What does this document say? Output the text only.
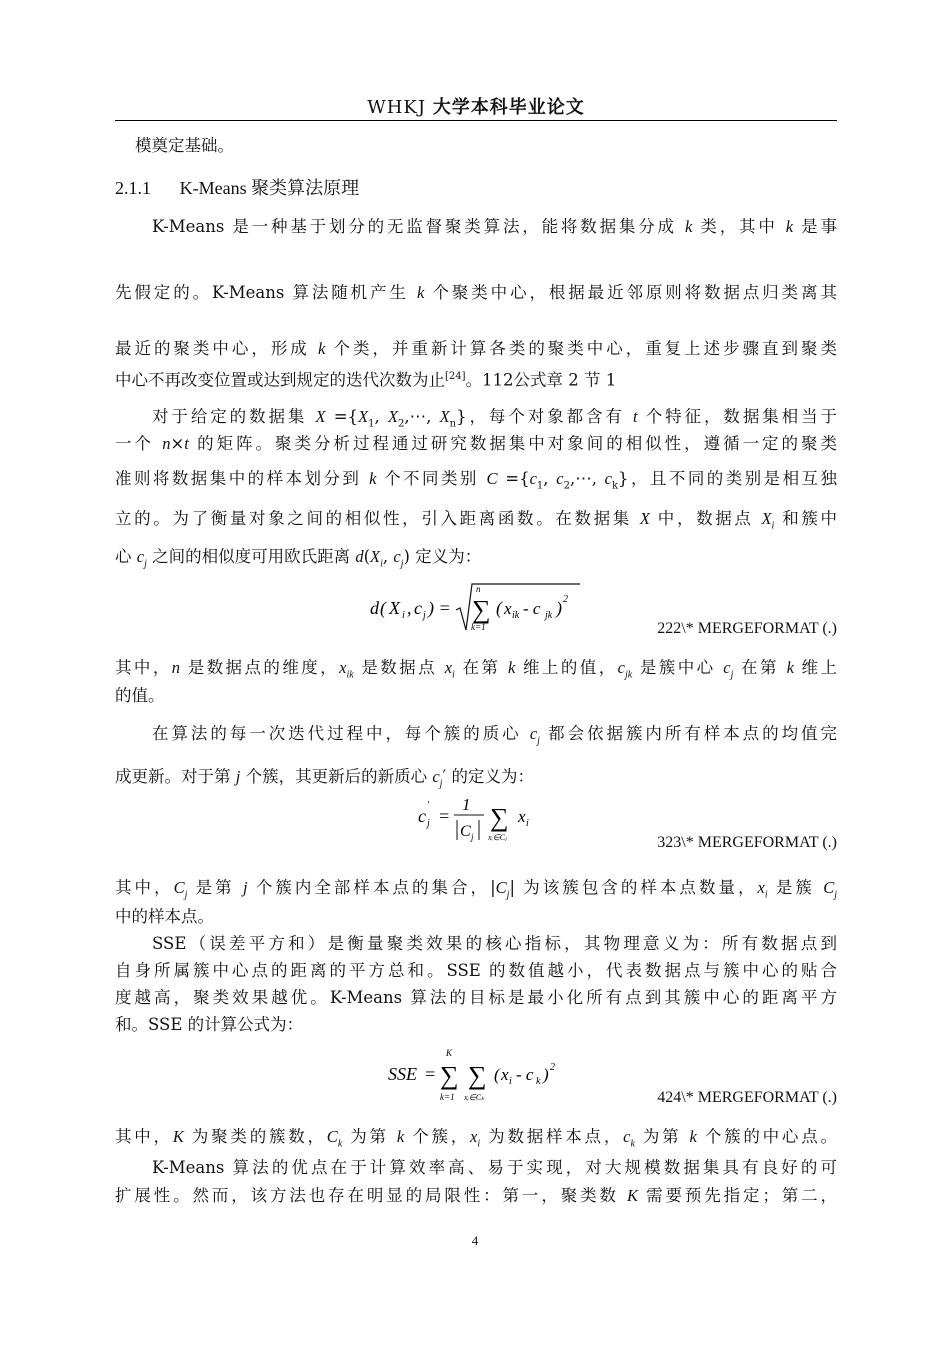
WHKJ 大学本科毕业论文
模奠定基础。
2.1.1 K-Means 聚类算法原理
K-Means 是一种基于划分的无监督聚类算法，能将数据集分成 k 类，其中 k 是事
先假定的。K-Means 算法随机产生 k 个聚类中心，根据最近邻原则将数据点归类离其
最近的聚类中心，形成 k 个类，并重新计算各类的聚类中心，重复上述步骤直到聚类
中心不再改变位置或达到规定的迭代次数为止[24]。112公式章 2 节 1
对于给定的数据集 $X =\{X_1$, $X_2,\cdots$, $X_n$}，每个对象都含有 t 个特征，数据集相当于
一个 n×t 的矩阵。聚类分析过程通过研究数据集中对象间的相似性，遵循一定的聚类
准则将数据集中的样本划分到 k 个不同类别 $C =\{c_1$, $c_2,\cdots$, $c_k$}，且不同的类别是相互独
立的。为了衡量对象之间的相似性，引入距离函数。在数据集 X 中，数据点 $X_i$ 和簇中
心 $c_j$ 之间的相似度可用欧氏距离 $d(X_i$, $c_j$) 定义为：
d ( X i , c j ) =
n
∑
k=1
( x ik - c jk ) 2
222\* MERGEFORMAT (.)
其中，n 是数据点的维度，$x_{ik}$ 是数据点 $x_i$ 在第 k 维上的值，$c_{jk}$ 是簇中心 $c_j$ 在第 k 维上
的值。
在算法的每一次迭代过程中，每个簇的质心 $c_j$ 都会依据簇内所有样本点的均值完
成更新。对于第 j 个簇，其更新后的新质心 $c_j'$ 的定义为：
c j
'
=
1
C j
∑
xᵢ∈Cⱼ
x i
323\* MERGEFORMAT (.)
其中，$C_j$ 是第 j 个簇内全部样本点的集合，$|C_j|$ 为该簇包含的样本点数量，$x_i$ 是簇 $C_j$
中的样本点。
SSE（误差平方和）是衡量聚类效果的核心指标，其物理意义为：所有数据点到
自身所属簇中心点的距离的平方总和。SSE 的数值越小，代表数据点与簇中心的贴合
度越高，聚类效果越优。K-Means 算法的目标是最小化所有点到其簇中心的距离平方
和。SSE 的计算公式为：
SSE =
K
∑
k=1
∑
xᵢ∈Cₖ
( x i - c k ) 2
424\* MERGEFORMAT (.)
其中，K 为聚类的簇数，$C_k$ 为第 k 个簇，$x_i$ 为数据样本点，$c_k$ 为第 k 个簇的中心点。
K-Means 算法的优点在于计算效率高、易于实现，对大规模数据集具有良好的可
扩展性。然而，该方法也存在明显的局限性：第一，聚类数 K 需要预先指定；第二，
4
